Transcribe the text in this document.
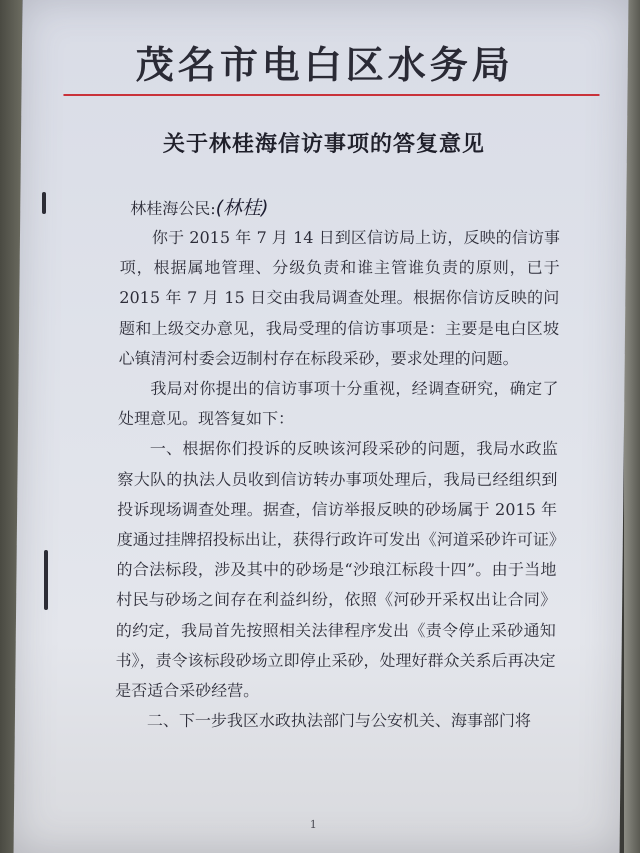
茂名市电白区水务局
关于林桂海信访事项的答复意见
林桂海公民:(林桂)

你于 2015 年 7 月 14 日到区信访局上访，反映的信访事项，根据属地管理、分级负责和谁主管谁负责的原则，已于 2015 年 7 月 15 日交由我局调查处理。根据你信访反映的问题和上级交办意见，我局受理的信访事项是：主要是电白区坡心镇清河村委会迈制村存在标段采砂，要求处理的问题。

我局对你提出的信访事项十分重视，经调查研究，确定了处理意见。现答复如下：

一、根据你们投诉的反映该河段采砂的问题，我局水政监察大队的执法人员收到信访转办事项处理后，我局已经组织到投诉现场调查处理。据查，信访举报反映的砂场属于 2015 年度通过挂牌招投标出让，获得行政许可发出《河道采砂许可证》的合法标段，涉及其中的砂场是“沙琅江标段十四”。由于当地村民与砂场之间存在利益纠纷，依照《河砂开采权出让合同》的约定，我局首先按照相关法律程序发出《责令停止采砂通知书》，责令该标段砂场立即停止采砂，处理好群众关系后再决定是否适合采砂经营。

二、下一步我区水政执法部门与公安机关、海事部门将

1
